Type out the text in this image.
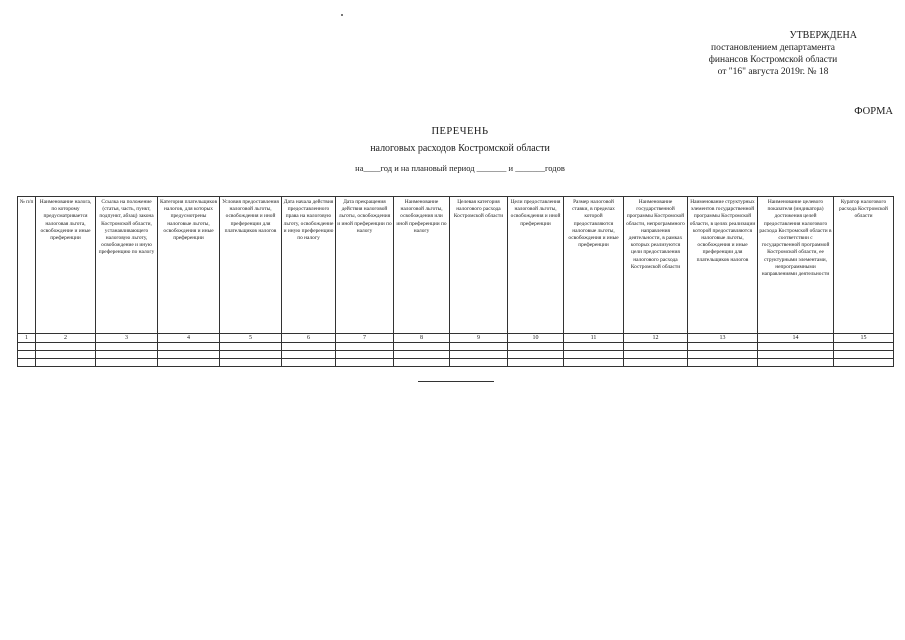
УТВЕРЖДЕНА
постановлением департамента
финансов Костромской области
от "16" августа 2019г. № 18
ФОРМА
ПЕРЕЧЕНЬ
налоговых расходов Костромской области
на____год и на плановый период _______ и _______годов
№ п/п	Наименование налога, по которому предусматривается налоговая льгота, освобождение и иные преференции	Ссылка на положение (статья, часть, пункт, подпункт, абзац) закона Костромской области, устанавливающего налоговую льготу, освобождение и иную преференцию по налогу	Категория плательщиков налогов, для которых предусмотрены налоговые льготы, освобождения и иные преференции	Условия предоставления налоговой льготы, освобождения и иной преференции для плательщиков налогов	Дата начала действия предоставленного права на налоговую льготу, освобождение и иную преференцию по налогу	Дата прекращения действия налоговой льготы, освобождения и иной преференции по налогу	Наименование налоговой льготы, освобождения или иной преференции по налогу	Целевая категория налогового расхода Костромской области	Цели предоставления налоговой льготы, освобождения и иной преференции	Размер налоговой ставки, в пределах которой предоставляются налоговые льготы, освобождения и иные преференции	Наименование государственной программы Костромской области, непрограммного направления деятельности, в рамках которых реализуются цели предоставления налогового расхода Костромской области	Наименование структурных элементов государственной программы Костромской области, в целях реализации которой предоставляются налоговые льготы, освобождения и иные преференции для плательщиков налогов	Наименование целевого показателя (индикатора) достижения целей предоставления налогового расхода Костромской области в соответствии с государственной программой Костромской области, ее структурными элементами, непрограммными направлениями деятельности	Куратор налогового расхода Костромской области
1	2	3	4	5	6	7	8	9	10	11	12	13	14	15
